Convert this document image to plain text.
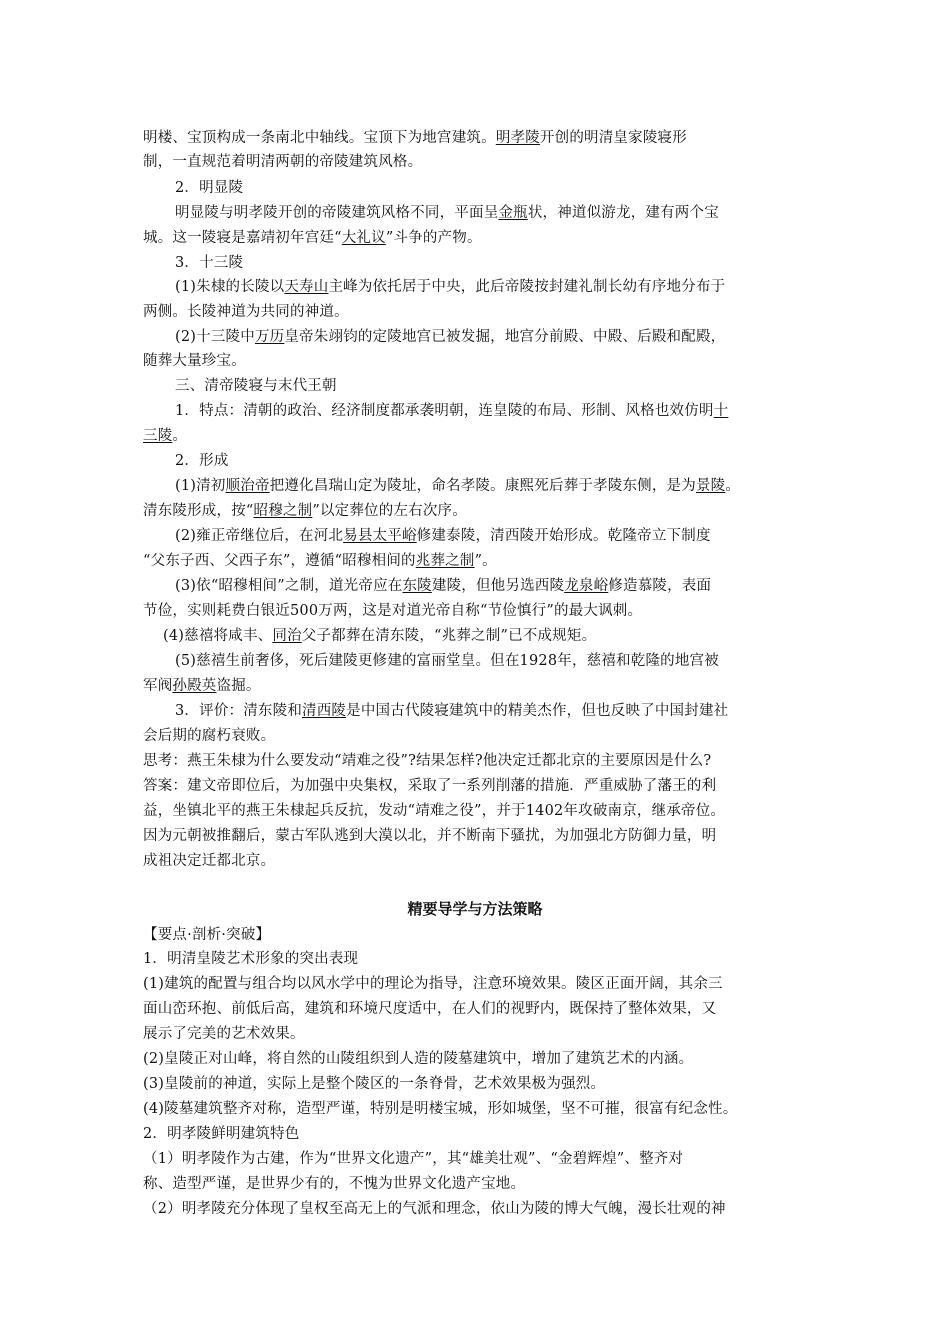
明楼、宝顶构成一条南北中轴线。宝顶下为地宫建筑。明孝陵开创的明清皇家陵寝形
制，一直规范着明清两朝的帝陵建筑风格。
2．明显陵
明显陵与明孝陵开创的帝陵建筑风格不同，平面呈金瓶状，神道似游龙，建有两个宝
城。这一陵寝是嘉靖初年宫廷“大礼议”斗争的产物。
3．十三陵
(1)朱棣的长陵以天寿山主峰为依托居于中央，此后帝陵按封建礼制长幼有序地分布于
两侧。长陵神道为共同的神道。
(2)十三陵中万历皇帝朱翊钧的定陵地宫已被发掘，地宫分前殿、中殿、后殿和配殿，
随葬大量珍宝。
三、清帝陵寝与末代王朝
1．特点：清朝的政治、经济制度都承袭明朝，连皇陵的布局、形制、风格也效仿明十
三陵。
2．形成
(1)清初顺治帝把遵化昌瑞山定为陵址，命名孝陵。康熙死后葬于孝陵东侧，是为景陵。
清东陵形成，按“昭穆之制”以定葬位的左右次序。
(2)雍正帝继位后，在河北易县太平峪修建泰陵，清西陵开始形成。乾隆帝立下制度
“父东子西、父西子东”，遵循“昭穆相间的兆葬之制”。
(3)依“昭穆相间”之制，道光帝应在东陵建陵，但他另选西陵龙泉峪修造慕陵，表面
节俭，实则耗费白银近500万两，这是对道光帝自称“节俭慎行”的最大讽刺。
(4)慈禧将咸丰、同治父子都葬在清东陵，“兆葬之制”已不成规矩。
(5)慈禧生前奢侈，死后建陵更修建的富丽堂皇。但在1928年，慈禧和乾隆的地宫被
军阀孙殿英盗掘。
3．评价：清东陵和清西陵是中国古代陵寝建筑中的精美杰作，但也反映了中国封建社
会后期的腐朽衰败。
思考：燕王朱棣为什么要发动“靖难之役”?结果怎样?他决定迁都北京的主要原因是什么?
答案：建文帝即位后，为加强中央集权，采取了一系列削藩的措施．严重威胁了藩王的利
益，坐镇北平的燕王朱棣起兵反抗，发动“靖难之役”，并于1402年攻破南京，继承帝位。
因为元朝被推翻后，蒙古军队逃到大漠以北，并不断南下骚扰，为加强北方防御力量，明
成祖决定迁都北京。
精要导学与方法策略
【要点·剖析·突破】
1．明清皇陵艺术形象的突出表现
(1)建筑的配置与组合均以风水学中的理论为指导，注意环境效果。陵区正面开阔，其余三
面山峦环抱、前低后高，建筑和环境尺度适中，在人们的视野内，既保持了整体效果，又
展示了完美的艺术效果。
(2)皇陵正对山峰，将自然的山陵组织到人造的陵墓建筑中，增加了建筑艺术的内涵。
(3)皇陵前的神道，实际上是整个陵区的一条脊骨，艺术效果极为强烈。
(4)陵墓建筑整齐对称，造型严谨，特别是明楼宝城，形如城堡，坚不可摧，很富有纪念性。
2．明孝陵鲜明建筑特色
（1）明孝陵作为古建，作为“世界文化遗产”，其“雄美壮观”、“金碧辉煌”、整齐对
称、造型严谨，是世界少有的，不愧为世界文化遗产宝地。
（2）明孝陵充分体现了皇权至高无上的气派和理念，依山为陵的博大气魄，漫长壮观的神
